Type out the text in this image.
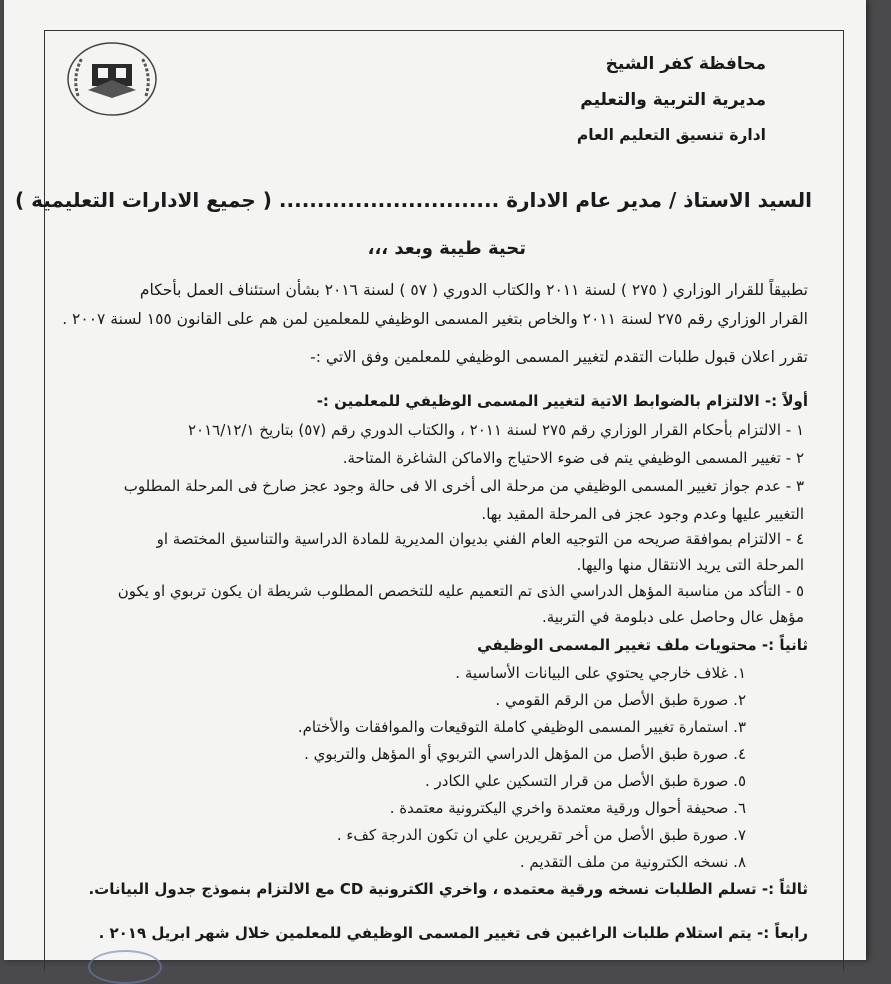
محافظة كفر الشيخ
مديرية التربية والتعليم
ادارة تنسيق التعليم العام
السيد الاستاذ / مدير عام الادارة ............................. ( جميع الادارات التعليمية )
تحية طيبة وبعد ،،،
تطبيقاً للقرار الوزاري ( ٢٧٥ ) لسنة ٢٠١١ والكتاب الدوري ( ٥٧ ) لسنة ٢٠١٦ بشأن استئناف العمل بأحكام
القرار الوزاري رقم ٢٧٥ لسنة ٢٠١١ والخاص بتغير المسمى الوظيفي للمعلمين لمن هم على القانون ١٥٥ لسنة ٢٠٠٧ .
تقرر اعلان قبول طلبات التقدم لتغيير المسمى الوظيفي للمعلمين وفق الاتي :-
أولاً :- الالتزام بالضوابط الاتية لتغيير المسمى الوظيفي للمعلمين :-
١ - الالتزام بأحكام القرار الوزاري رقم ٢٧٥ لسنة ٢٠١١ ، والكتاب الدوري رقم (٥٧) بتاريخ ٢٠١٦/١٢/١
٢ - تغيير المسمى الوظيفي يتم فى ضوء الاحتياج والاماكن الشاغرة المتاحة.
٣ - عدم جواز تغيير المسمى الوظيفي من مرحلة الى أخرى الا فى حالة وجود عجز صارخ فى المرحلة المطلوب
التغيير عليها وعدم وجود عجز فى المرحلة المقيد بها.
٤ - الالتزام بموافقة صريحه من التوجيه العام الفني بديوان المديرية للمادة الدراسية والتناسيق المختصة او
المرحلة التى يريد الانتقال منها واليها.
٥ - التأكد من مناسبة المؤهل الدراسي الذى تم التعميم عليه للتخصص المطلوب شريطة ان يكون تربوي او يكون
مؤهل عال وحاصل على دبلومة في التربية.
ثانياً :- محتويات ملف تغيير المسمى الوظيفي
١. غلاف خارجي يحتوي على البيانات الأساسية .
٢. صورة طبق الأصل من الرقم القومي .
٣. استمارة تغيير المسمى الوظيفي كاملة التوقيعات والموافقات والأختام.
٤. صورة طبق الأصل من المؤهل الدراسي التربوي أو المؤهل والتربوي .
٥. صورة طبق الأصل من قرار التسكين علي الكادر .
٦. صحيفة أحوال ورقية معتمدة واخري اليكترونية معتمدة .
٧. صورة طبق الأصل من أخر تقريرين علي ان تكون الدرجة كفء .
٨. نسخه الكترونية من ملف التقديم .
ثالثاً :- تسلم الطلبات نسخه ورقية معتمده ، واخري الكترونية CD مع الالتزام بنموذج جدول البيانات.
رابعاً :- يتم استلام طلبات الراغبين فى تغيير المسمى الوظيفي للمعلمين خلال شهر ابريل ٢٠١٩ .
